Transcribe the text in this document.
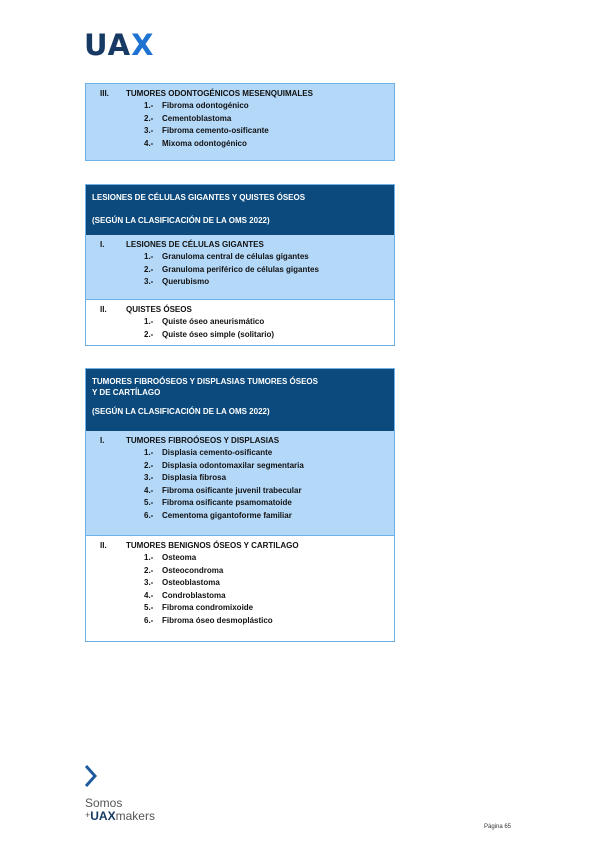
UAX
III.	TUMORES ODONTOGÉNICOS MESENQUIMALES
1.-	Fibroma odontogénico
2.-	Cementoblastoma
3.-	Fibroma cemento-osificante
4.-	Mixoma odontogénico
LESIONES DE CÉLULAS GIGANTES Y QUISTES ÓSEOS
(SEGÚN LA CLASIFICACIÓN DE LA OMS 2022)
I.	LESIONES DE CÉLULAS GIGANTES
1.-	Granuloma central de células gigantes
2.-	Granuloma periférico de células gigantes
3.-	Querubismo
II.	QUISTES ÓSEOS
1.-	Quiste óseo aneurismático
2.-	Quiste óseo simple (solitario)
TUMORES FIBROÓSEOS Y DISPLASIAS TUMORES ÓSEOS
Y DE CARTÍLAGO
(SEGÚN LA CLASIFICACIÓN DE LA OMS 2022)
I.	TUMORES FIBROÓSEOS Y DISPLASIAS
1.-	Displasia cemento-osificante
2.-	Displasia odontomaxilar segmentaria
3.-	Displasia fibrosa
4.-	Fibroma osificante juvenil trabecular
5.-	Fibroma osificante psamomatoide
6.-	Cementoma gigantoforme familiar
II.	TUMORES BENIGNOS ÓSEOS Y CARTILAGO
1.-	Osteoma
2.-	Osteocondroma
3.-	Osteoblastoma
4.-	Condroblastoma
5.-	Fibroma condromixoide
6.-	Fibroma óseo desmoplástico
Somos
+UAXmakers
Página 65
